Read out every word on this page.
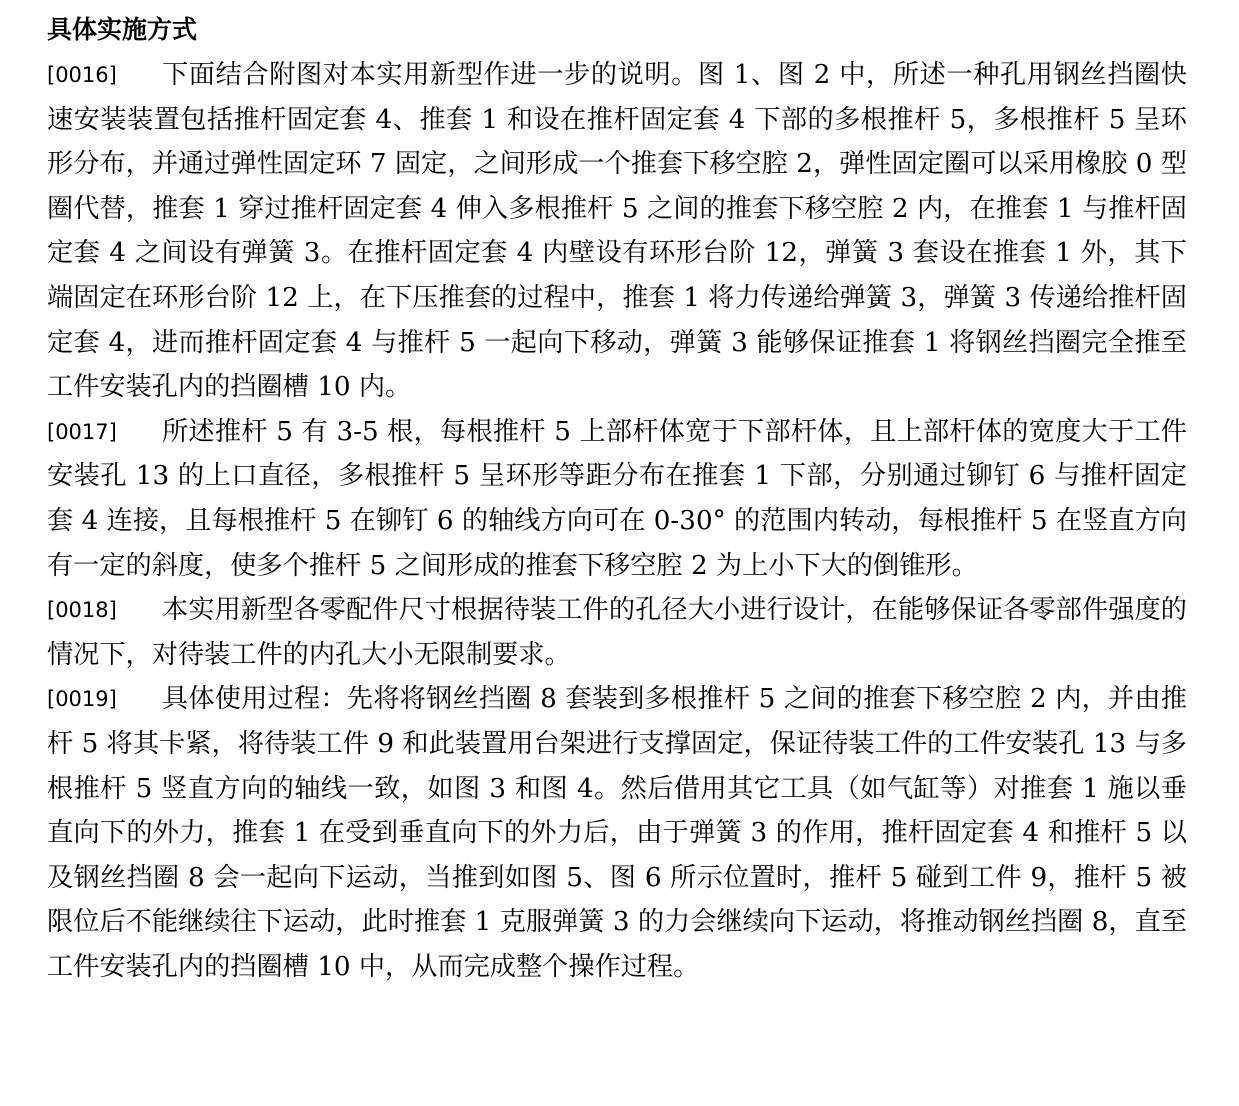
具体实施方式

[0016] 下面结合附图对本实用新型作进一步的说明。图 1、图 2 中，所述一种孔用钢丝挡圈快速安装装置包括推杆固定套 4、推套 1 和设在推杆固定套 4 下部的多根推杆 5，多根推杆 5 呈环形分布，并通过弹性固定环 7 固定，之间形成一个推套下移空腔 2，弹性固定圈可以采用橡胶 0 型圈代替，推套 1 穿过推杆固定套 4 伸入多根推杆 5 之间的推套下移空腔 2 内，在推套 1 与推杆固定套 4 之间设有弹簧 3。在推杆固定套 4 内壁设有环形台阶 12，弹簧 3 套设在推套 1 外，其下端固定在环形台阶 12 上，在下压推套的过程中，推套 1 将力传递给弹簧 3，弹簧 3 传递给推杆固定套 4，进而推杆固定套 4 与推杆 5 一起向下移动，弹簧 3 能够保证推套 1 将钢丝挡圈完全推至工件安装孔内的挡圈槽 10 内。

[0017] 所述推杆 5 有 3-5 根，每根推杆 5 上部杆体宽于下部杆体，且上部杆体的宽度大于工件安装孔 13 的上口直径，多根推杆 5 呈环形等距分布在推套 1 下部，分别通过铆钉 6 与推杆固定套 4 连接，且每根推杆 5 在铆钉 6 的轴线方向可在 0-30° 的范围内转动，每根推杆 5 在竖直方向有一定的斜度，使多个推杆 5 之间形成的推套下移空腔 2 为上小下大的倒锥形。

[0018] 本实用新型各零配件尺寸根据待装工件的孔径大小进行设计，在能够保证各零部件强度的情况下，对待装工件的内孔大小无限制要求。

[0019] 具体使用过程：先将将钢丝挡圈 8 套装到多根推杆 5 之间的推套下移空腔 2 内，并由推杆 5 将其卡紧，将待装工件 9 和此装置用台架进行支撑固定，保证待装工件的工件安装孔 13 与多根推杆 5 竖直方向的轴线一致，如图 3 和图 4。然后借用其它工具（如气缸等）对推套 1 施以垂直向下的外力，推套 1 在受到垂直向下的外力后，由于弹簧 3 的作用，推杆固定套 4 和推杆 5 以及钢丝挡圈 8 会一起向下运动，当推到如图 5、图 6 所示位置时，推杆 5 碰到工件 9，推杆 5 被限位后不能继续往下运动，此时推套 1 克服弹簧 3 的力会继续向下运动，将推动钢丝挡圈 8，直至工件安装孔内的挡圈槽 10 中，从而完成整个操作过程。
